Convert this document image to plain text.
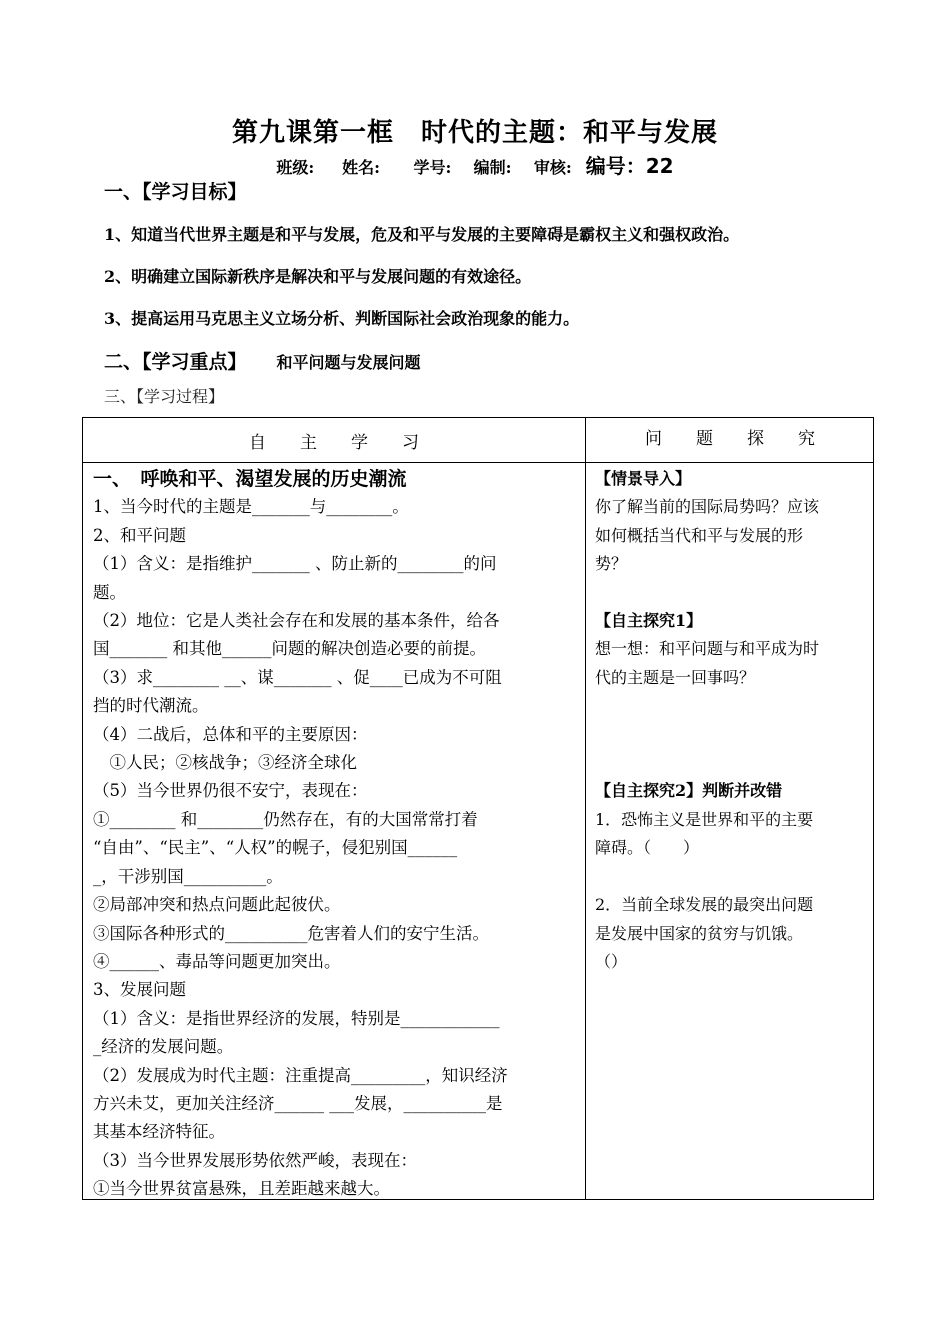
第九课第一框　时代的主题：和平与发展
班级:     姓名:      学号:    编制:    审核: 编号：22
一、【学习目标】
1、知道当代世界主题是和平与发展，危及和平与发展的主要障碍是霸权主义和强权政治。
2、明确建立国际新秩序是解决和平与发展问题的有效途径。
3、提高运用马克思主义立场分析、判断国际社会政治现象的能力。
二、【学习重点】 和平问题与发展问题
三、【学习过程】
自　　主　　学　　习	问　　题　　探　　究
一、　呼唤和平、渴望发展的历史潮流
1、当今时代的主题是_______与________。
2、和平问题
（1）含义：是指维护_______ 、防止新的________的问
题。
（2）地位：它是人类社会存在和发展的基本条件，给各
国_______ 和其他______问题的解决创造必要的前提。
（3）求________ __、谋_______ 、促____已成为不可阻
挡的时代潮流。
（4）二战后，总体和平的主要原因：
　①人民；②核战争；③经济全球化
（5）当今世界仍很不安宁，表现在：
①________ 和________仍然存在，有的大国常常打着
“自由”、“民主”、“人权”的幌子，侵犯别国______
_，干涉别国__________。
②局部冲突和热点问题此起彼伏。
③国际各种形式的__________危害着人们的安宁生活。
④______、毒品等问题更加突出。
3、发展问题
（1）含义：是指世界经济的发展，特别是____________
_经济的发展问题。
（2）发展成为时代主题：注重提高_________，知识经济
方兴未艾，更加关注经济______ ___发展，__________是
其基本经济特征。
（3）当今世界发展形势依然严峻，表现在：
①当今世界贫富悬殊，且差距越来越大。
【情景导入】
你了解当前的国际局势吗？应该
如何概括当代和平与发展的形
势？

【自主探究1】
想一想：和平问题与和平成为时
代的主题是一回事吗？

【自主探究2】判断并改错
1．恐怖主义是世界和平的主要
障碍。（　　）

2．当前全球发展的最突出问题
是发展中国家的贫穷与饥饿。
（）
